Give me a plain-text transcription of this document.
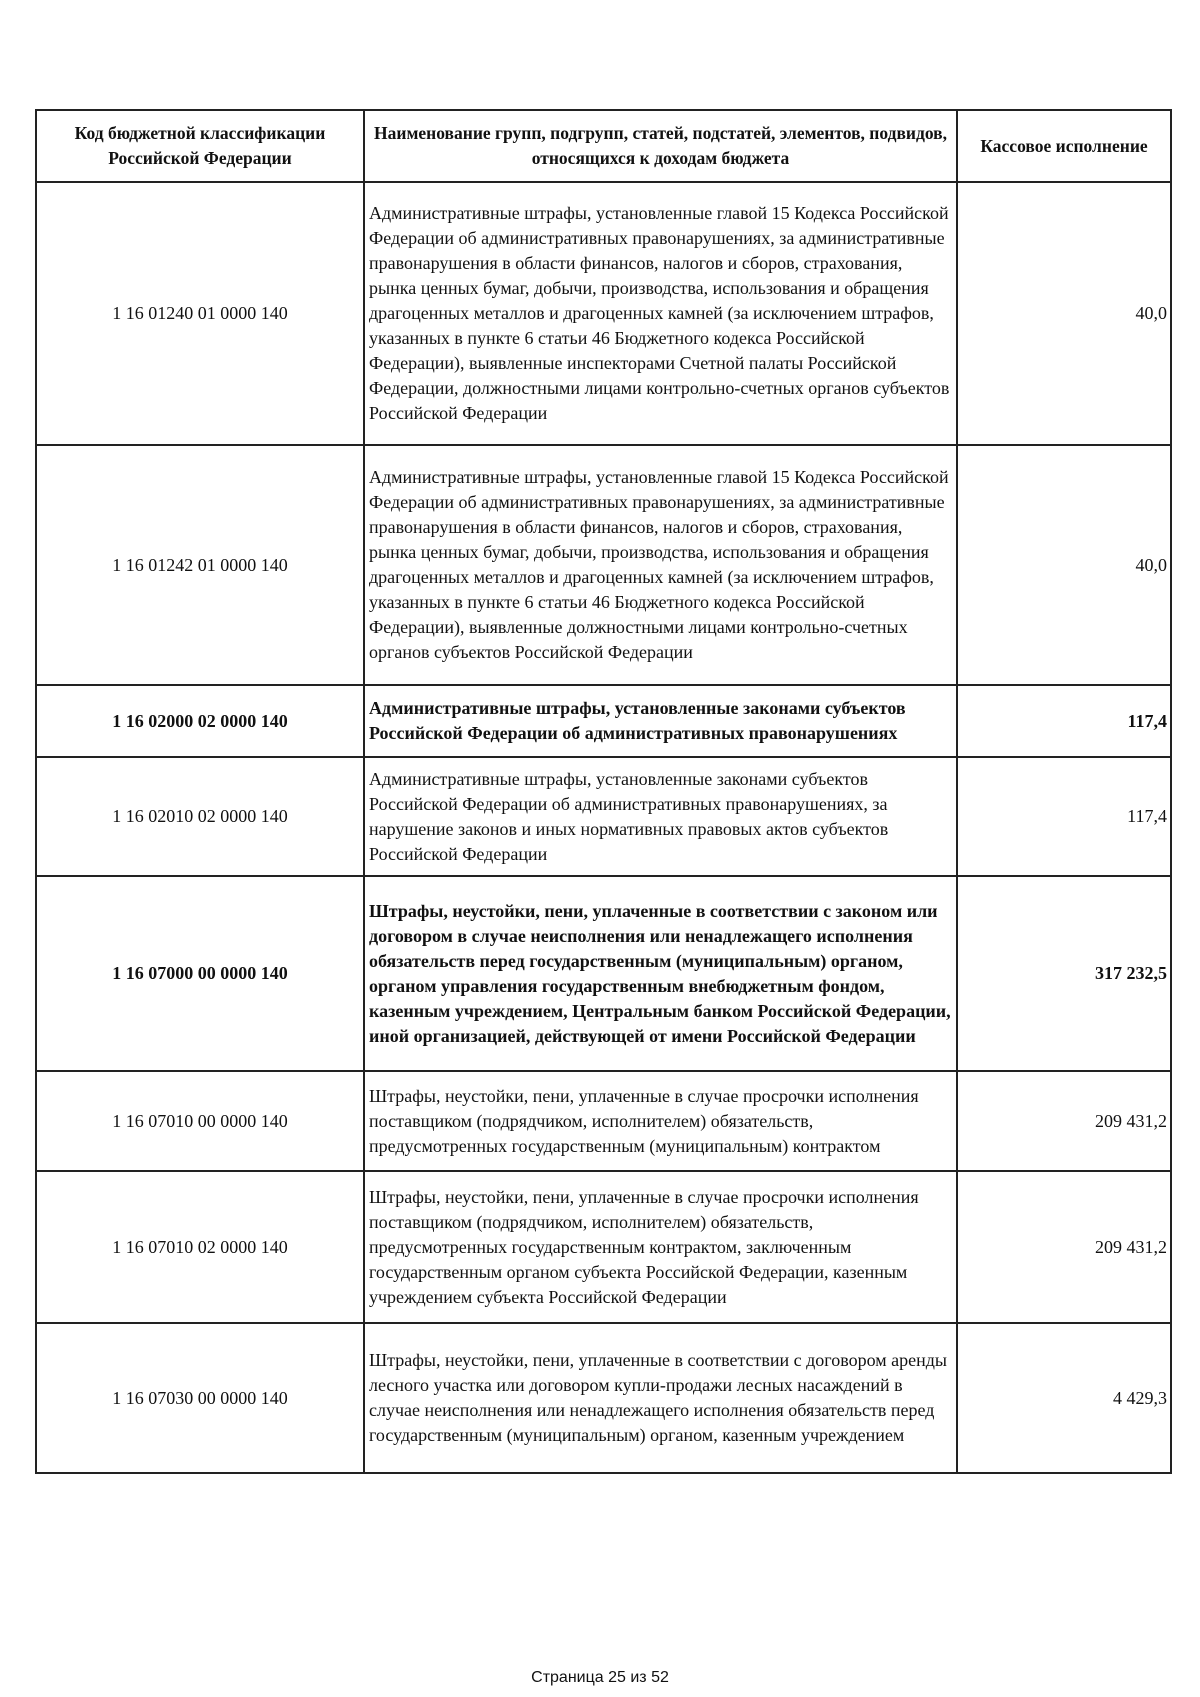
Код бюджетной классификации Российской Федерации	Наименование групп, подгрупп, статей, подстатей, элементов, подвидов, относящихся к доходам бюджета	Кассовое исполнение
1 16 01240 01 0000 140	Административные штрафы, установленные главой 15 Кодекса Российской Федерации об административных правонарушениях, за административные правонарушения в области финансов, налогов и сборов, страхования, рынка ценных бумаг, добычи, производства, использования и обращения драгоценных металлов и драгоценных камней (за исключением штрафов, указанных в пункте 6 статьи 46 Бюджетного кодекса Российской Федерации), выявленные инспекторами Счетной палаты Российской Федерации, должностными лицами контрольно-счетных органов субъектов Российской Федерации	40,0
1 16 01242 01 0000 140	Административные штрафы, установленные главой 15 Кодекса Российской Федерации об административных правонарушениях, за административные правонарушения в области финансов, налогов и сборов, страхования, рынка ценных бумаг, добычи, производства, использования и обращения драгоценных металлов и драгоценных камней (за исключением штрафов, указанных в пункте 6 статьи 46 Бюджетного кодекса Российской Федерации), выявленные должностными лицами контрольно-счетных органов субъектов Российской Федерации	40,0
1 16 02000 02 0000 140	Административные штрафы, установленные законами субъектов Российской Федерации об административных правонарушениях	117,4
1 16 02010 02 0000 140	Административные штрафы, установленные законами субъектов Российской Федерации об административных правонарушениях, за нарушение законов и иных нормативных правовых актов субъектов Российской Федерации	117,4
1 16 07000 00 0000 140	Штрафы, неустойки, пени, уплаченные в соответствии с законом или договором в случае неисполнения или ненадлежащего исполнения обязательств перед государственным (муниципальным) органом, органом управления государственным внебюджетным фондом, казенным учреждением, Центральным банком Российской Федерации, иной организацией, действующей от имени Российской Федерации	317 232,5
1 16 07010 00 0000 140	Штрафы, неустойки, пени, уплаченные в случае просрочки исполнения поставщиком (подрядчиком, исполнителем) обязательств, предусмотренных государственным (муниципальным) контрактом	209 431,2
1 16 07010 02 0000 140	Штрафы, неустойки, пени, уплаченные в случае просрочки исполнения поставщиком (подрядчиком, исполнителем) обязательств, предусмотренных государственным контрактом, заключенным государственным органом субъекта Российской Федерации, казенным учреждением субъекта Российской Федерации	209 431,2
1 16 07030 00 0000 140	Штрафы, неустойки, пени, уплаченные в соответствии с договором аренды лесного участка или договором купли-продажи лесных насаждений в случае неисполнения или ненадлежащего исполнения обязательств перед государственным (муниципальным) органом, казенным учреждением	4 429,3
Страница 25 из 52
